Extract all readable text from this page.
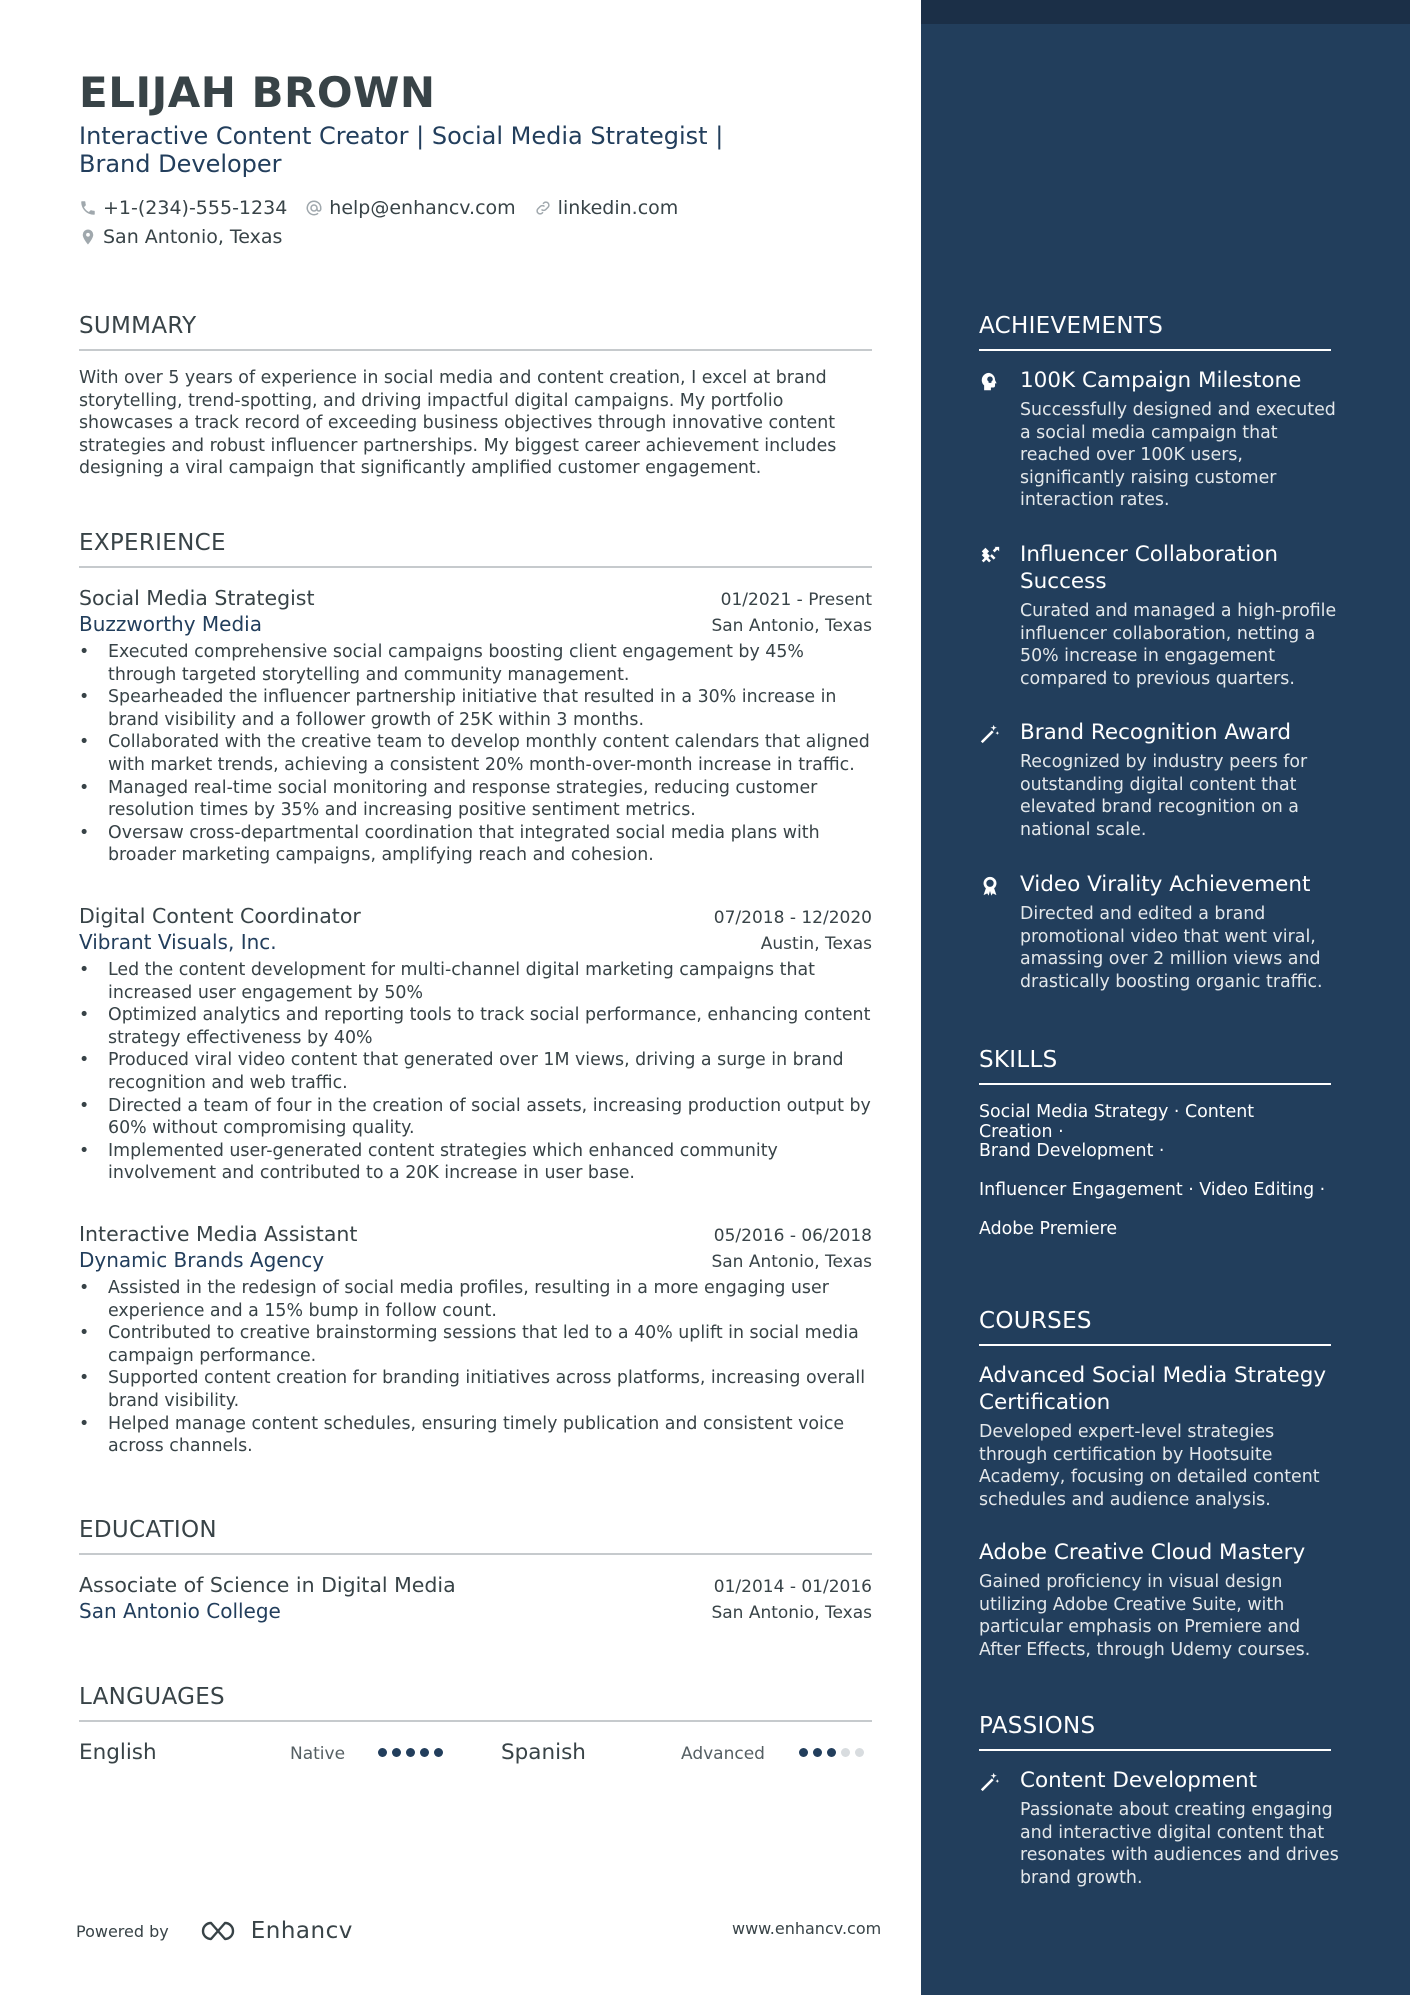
ELIJAH BROWN
Interactive Content Creator | Social Media Strategist | Brand Developer
+1-(234)-555-1234 help@enhancv.com linkedin.com
San Antonio, Texas
SUMMARY

With over 5 years of experience in social media and content creation, I excel at brand storytelling, trend-spotting, and driving impactful digital campaigns. My portfolio showcases a track record of exceeding business objectives through innovative content strategies and robust influencer partnerships. My biggest career achievement includes designing a viral campaign that significantly amplified customer engagement.

EXPERIENCE
Social Media Strategist	01/2021 - Present
Buzzworthy Media	San Antonio, Texas
• Executed comprehensive social campaigns boosting client engagement by 45% through targeted storytelling and community management.
• Spearheaded the influencer partnership initiative that resulted in a 30% increase in brand visibility and a follower growth of 25K within 3 months.
• Collaborated with the creative team to develop monthly content calendars that aligned with market trends, achieving a consistent 20% month-over-month increase in traffic.
• Managed real-time social monitoring and response strategies, reducing customer resolution times by 35% and increasing positive sentiment metrics.
• Oversaw cross-departmental coordination that integrated social media plans with broader marketing campaigns, amplifying reach and cohesion.
Digital Content Coordinator	07/2018 - 12/2020
Vibrant Visuals, Inc.	Austin, Texas
• Led the content development for multi-channel digital marketing campaigns that increased user engagement by 50%
• Optimized analytics and reporting tools to track social performance, enhancing content strategy effectiveness by 40%
• Produced viral video content that generated over 1M views, driving a surge in brand recognition and web traffic.
• Directed a team of four in the creation of social assets, increasing production output by 60% without compromising quality.
• Implemented user-generated content strategies which enhanced community involvement and contributed to a 20K increase in user base.
Interactive Media Assistant	05/2016 - 06/2018
Dynamic Brands Agency	San Antonio, Texas
• Assisted in the redesign of social media profiles, resulting in a more engaging user experience and a 15% bump in follow count.
• Contributed to creative brainstorming sessions that led to a 40% uplift in social media campaign performance.
• Supported content creation for branding initiatives across platforms, increasing overall brand visibility.
• Helped manage content schedules, ensuring timely publication and consistent voice across channels.
EDUCATION
Associate of Science in Digital Media	01/2014 - 01/2016
San Antonio College	San Antonio, Texas
LANGUAGES
English	Native	Spanish	Advanced
Powered by	Enhancv	www.enhancv.com
ACHIEVEMENTS
100K Campaign Milestone
Successfully designed and executed a social media campaign that reached over 100K users, significantly raising customer interaction rates.
Influencer Collaboration Success
Curated and managed a high-profile influencer collaboration, netting a 50% increase in engagement compared to previous quarters.
Brand Recognition Award
Recognized by industry peers for outstanding digital content that elevated brand recognition on a national scale.
Video Virality Achievement
Directed and edited a brand promotional video that went viral, amassing over 2 million views and drastically boosting organic traffic.
SKILLS
Social Media Strategy · Content Creation ·
Brand Development ·
Influencer Engagement · Video Editing ·
Adobe Premiere
COURSES
Advanced Social Media Strategy Certification
Developed expert-level strategies through certification by Hootsuite Academy, focusing on detailed content schedules and audience analysis.
Adobe Creative Cloud Mastery
Gained proficiency in visual design utilizing Adobe Creative Suite, with particular emphasis on Premiere and After Effects, through Udemy courses.
PASSIONS
Content Development
Passionate about creating engaging and interactive digital content that resonates with audiences and drives brand growth.
